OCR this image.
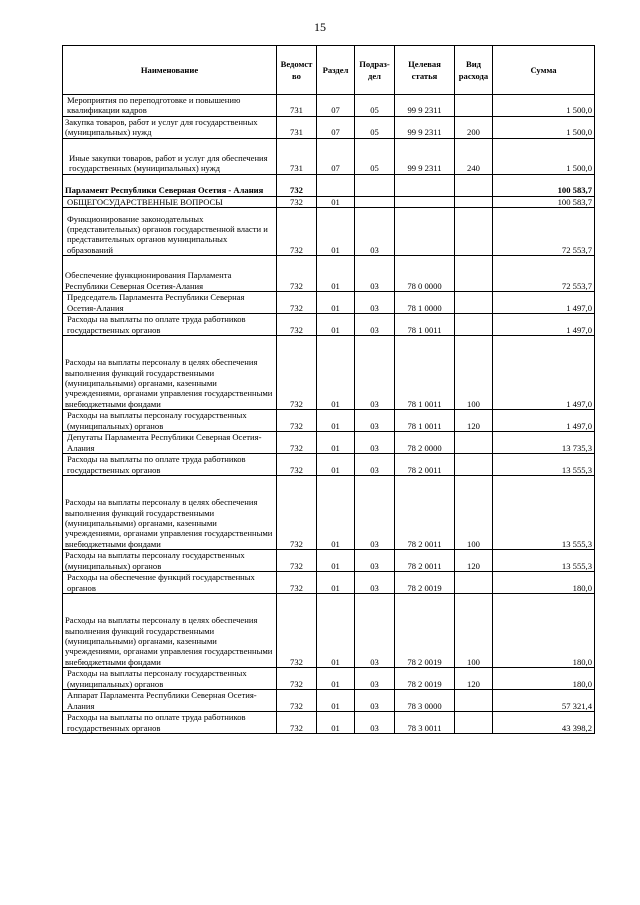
15
Наименование	Ведомст во	Раздел	Подраз- дел	Целевая статья	Вид расхода	Сумма
Мероприятия по переподготовке и повышению квалификации кадров	731	07	05	99 9 2311		1 500,0
Закупка товаров, работ и услуг для государственных (муниципальных) нужд	731	07	05	99 9 2311	200	1 500,0
Иные закупки товаров, работ и услуг для обеспечения государственных (муниципальных) нужд	731	07	05	99 9 2311	240	1 500,0
Парламент Республики Северная Осетия - Алания	732					100 583,7
ОБЩЕГОСУДАРСТВЕННЫЕ ВОПРОСЫ	732	01				100 583,7
Функционирование законодательных (представительных) органов государственной власти и представительных органов муниципальных образований	732	01	03			72 553,7
Обеспечение функционирования Парламента Республики Северная Осетия-Алания	732	01	03	78 0 0000		72 553,7
Председатель Парламента Республики Северная Осетия-Алания	732	01	03	78 1 0000		1 497,0
Расходы на выплаты по оплате труда работников государственных органов	732	01	03	78 1 0011		1 497,0
Расходы на выплаты персоналу в целях обеспечения выполнения функций государственными (муниципальными) органами, казенными учреждениями, органами управления государственными внебюджетными фондами	732	01	03	78 1 0011	100	1 497,0
Расходы на выплаты персоналу государственных (муниципальных) органов	732	01	03	78 1 0011	120	1 497,0
Депутаты Парламента Республики Северная Осетия-Алания	732	01	03	78 2 0000		13 735,3
Расходы на выплаты по оплате труда работников государственных органов	732	01	03	78 2 0011		13 555,3
Расходы на выплаты персоналу в целях обеспечения выполнения функций государственными (муниципальными) органами, казенными учреждениями, органами управления государственными внебюджетными фондами	732	01	03	78 2 0011	100	13 555,3
Расходы на выплаты персоналу государственных (муниципальных) органов	732	01	03	78 2 0011	120	13 555,3
Расходы на обеспечение функций государственных органов	732	01	03	78 2 0019		180,0
Расходы на выплаты персоналу в целях обеспечения выполнения функций государственными (муниципальными) органами, казенными учреждениями, органами управления государственными внебюджетными фондами	732	01	03	78 2 0019	100	180,0
Расходы на выплаты персоналу государственных (муниципальных) органов	732	01	03	78 2 0019	120	180,0
Аппарат Парламента Республики Северная Осетия-Алания	732	01	03	78 3 0000		57 321,4
Расходы на выплаты по оплате труда работников государственных органов	732	01	03	78 3 0011		43 398,2
